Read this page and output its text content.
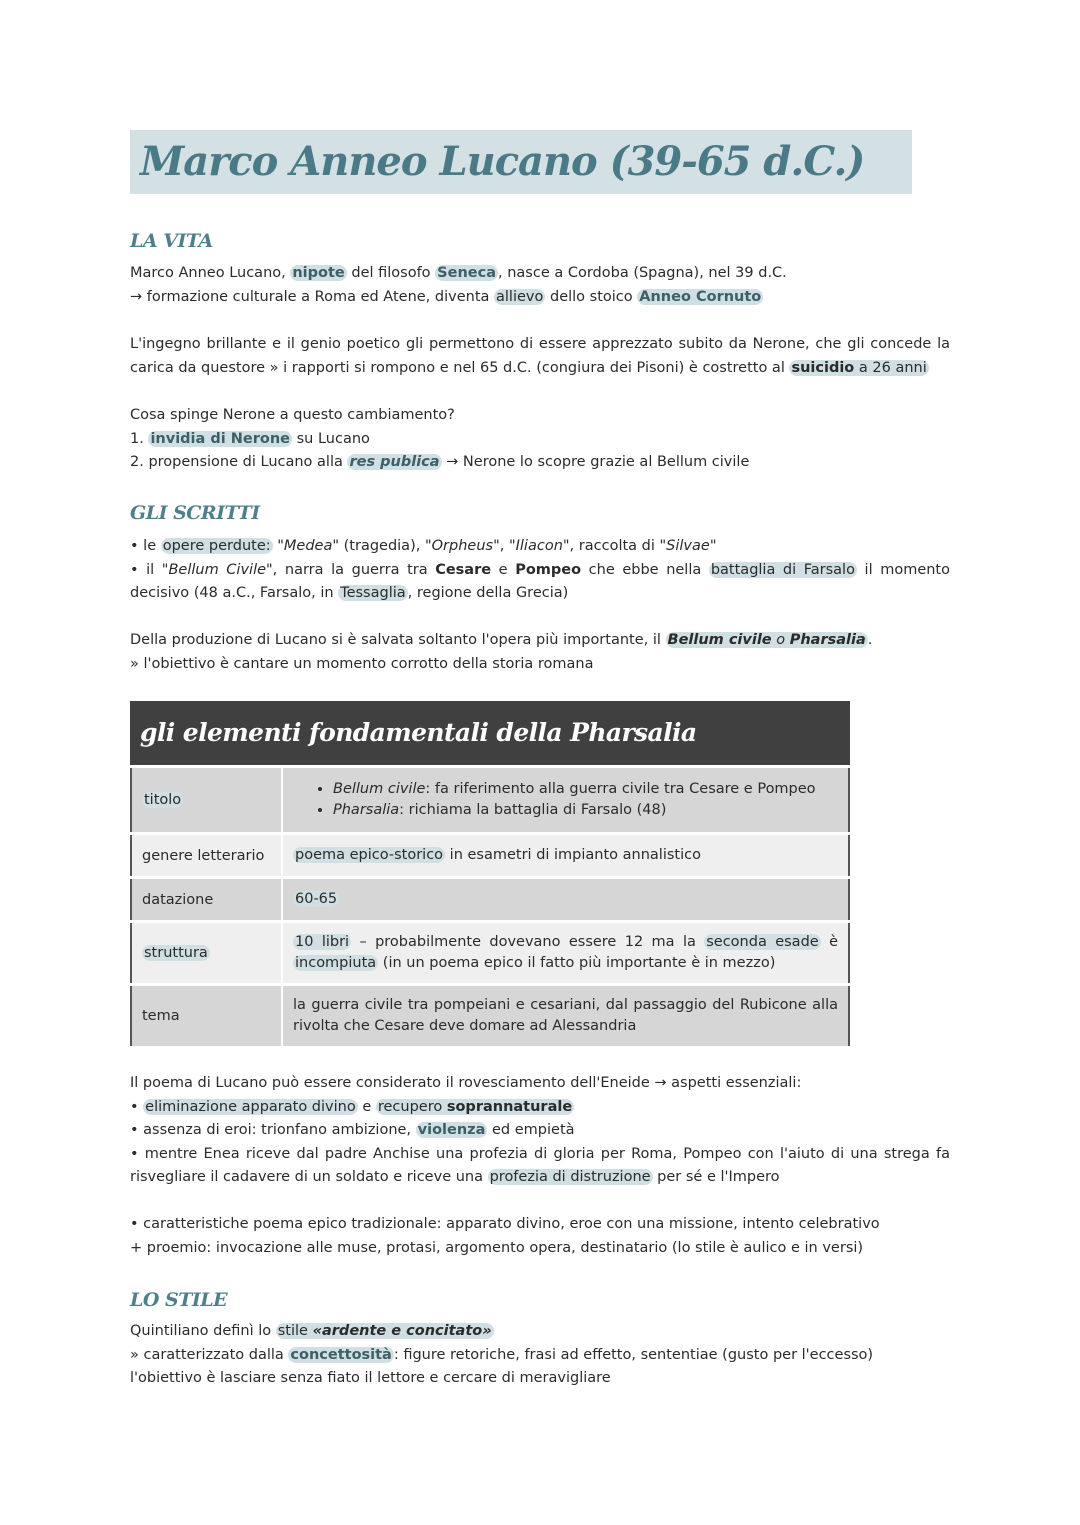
Marco Anneo Lucano (39-65 d.C.)
LA VITA

Marco Anneo Lucano, nipote del filosofo Seneca , nasce a Cordoba (Spagna), nel 39 d.C.
→ formazione culturale a Roma ed Atene, diventa allievo dello stoico Anneo Cornuto

L'ingegno brillante e il genio poetico gli permettono di essere apprezzato subito da Nerone, che gli concede la carica da questore » i rapporti si rompono e nel 65 d.C. (congiura dei Pisoni) è costretto al suicidio a 26 anni

Cosa spinge Nerone a questo cambiamento?
1. invidia di Nerone su Lucano
2. propensione di Lucano alla res publica → Nerone lo scopre grazie al Bellum civile

GLI SCRITTI

• le opere perdute: "Medea" (tragedia), "Orpheus", "Iliacon", raccolta di "Silvae"
• il "Bellum Civile", narra la guerra tra Cesare e Pompeo che ebbe nella battaglia di Farsalo il momento decisivo (48 a.C., Farsalo, in Tessaglia , regione della Grecia)

Della produzione di Lucano si è salvata soltanto l'opera più importante, il Bellum civile o Pharsalia .
» l'obiettivo è cantare un momento corrotto della storia romana

gli elementi fondamentali della Pharsalia
titolo
• Bellum civile: fa riferimento alla guerra civile tra Cesare e Pompeo
• Pharsalia: richiama la battaglia di Farsalo (48)
genere letterario	poema epico-storico in esametri di impianto annalistico
datazione	60-65
struttura
10 libri – probabilmente dovevano essere 12 ma la seconda esade è incompiuta (in un poema epico il fatto più importante è in mezzo)
tema
la guerra civile tra pompeiani e cesariani, dal passaggio del Rubicone alla rivolta che Cesare deve domare ad Alessandria

Il poema di Lucano può essere considerato il rovesciamento dell'Eneide → aspetti essenziali:
• eliminazione apparato divino e recupero soprannaturale
• assenza di eroi: trionfano ambizione, violenza ed empietà
• mentre Enea riceve dal padre Anchise una profezia di gloria per Roma, Pompeo con l'aiuto di una strega fa risvegliare il cadavere di un soldato e riceve una profezia di distruzione per sé e l'Impero

• caratteristiche poema epico tradizionale: apparato divino, eroe con una missione, intento celebrativo
+ proemio: invocazione alle muse, protasi, argomento opera, destinatario (lo stile è aulico e in versi)

LO STILE

Quintiliano definì lo stile «ardente e concitato»
» caratterizzato dalla concettosità : figure retoriche, frasi ad effetto, sententiae (gusto per l'eccesso)
l'obiettivo è lasciare senza fiato il lettore e cercare di meravigliare
